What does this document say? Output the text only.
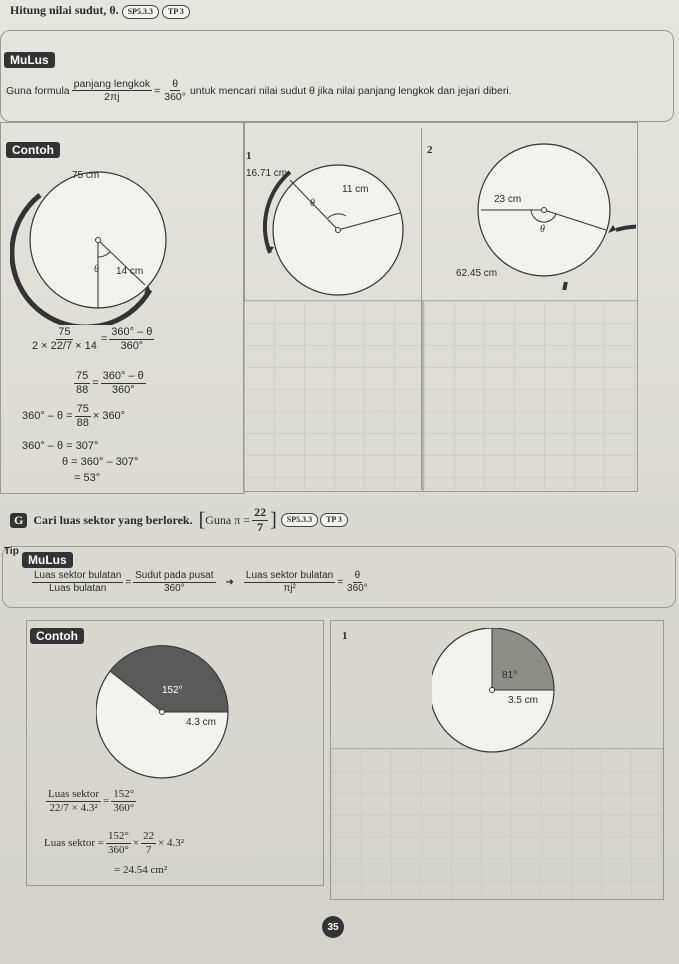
Hitung nilai sudut, θ. SP5.3.3 TP 3
MuLus
Guna formula $\frac{\text{panjang lengkok}}{2\pi j} = \frac{\theta}{360^\circ}$ untuk mencari nilai sudut θ jika nilai panjang lengkok dan jejari diberi.
Contoh
75 cm
14 cm
θ
$\frac{75}{2 \times 22/7 \times 14} = \frac{360^\circ - \theta}{360^\circ}$
$\frac{75}{88} = \frac{360^\circ - \theta}{360^\circ}$
$360^\circ - \theta = \frac{75}{88} \times 360^\circ$
360° – θ = 307°
θ = 360° – 307°
= 53°
1
16.71 cm
11 cm
θ
2
23 cm
62.45 cm
θ
G Cari luas sektor yang berlorek. [ Guna $\pi = \frac{22}{7}$ ]	SP5.3.3	TP 3
Tip
MuLus
$\frac{\text{Luas sektor bulatan}}{\text{Luas bulatan}} = \frac{\text{Sudut pada pusat}}{360^\circ}$ ➜ $\frac{\text{Luas sektor bulatan}}{\text{πj²}} = \frac{\theta}{360^\circ}$
Contoh
152°
4.3 cm
$\frac{\text{Luas sektor}}{\text{22/7 × 4.3²}} = \frac{152^\circ}{360^\circ}$
Luas sektor = $\frac{152^\circ}{360^\circ} \times \frac{22}{7} \times 4.3^2$
= 24.54 cm²
1
81°
3.5 cm
35
